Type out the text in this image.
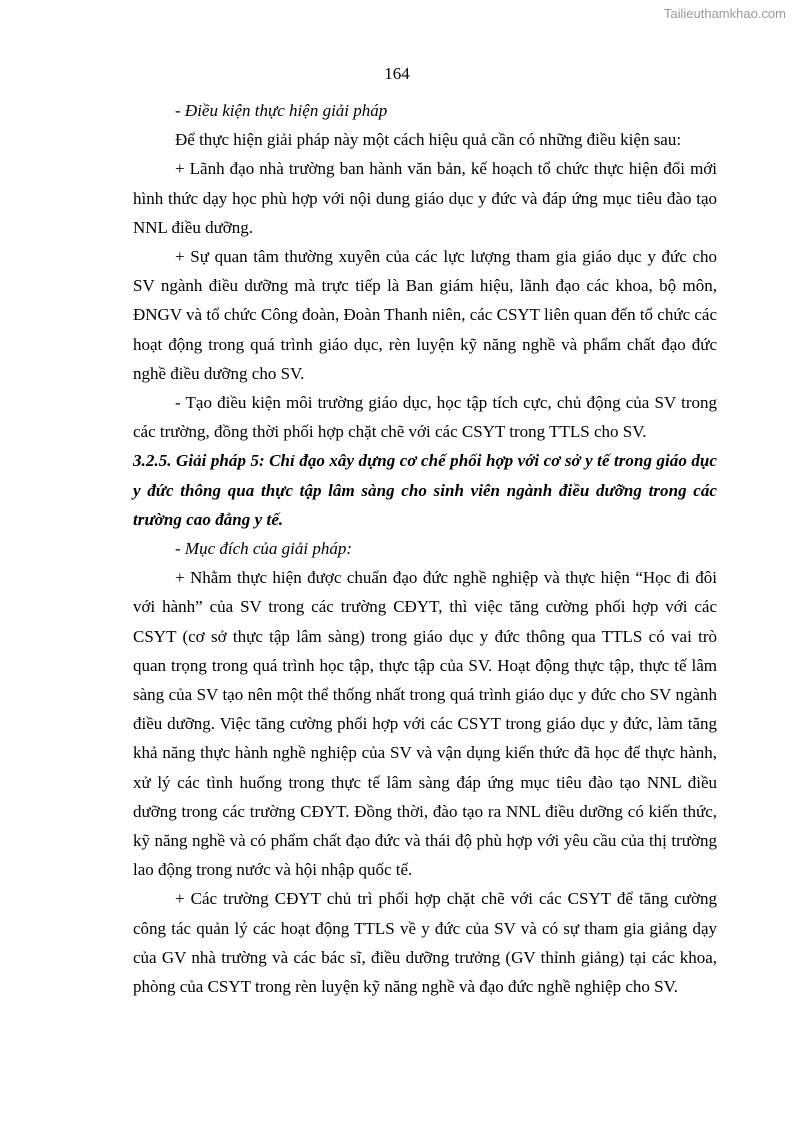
Tailieuthamkhao.com
164

- Điều kiện thực hiện giải pháp

Để thực hiện giải pháp này một cách hiệu quả cần có những điều kiện sau:

+ Lãnh đạo nhà trường ban hành văn bản, kế hoạch tổ chức thực hiện đổi mới hình thức dạy học phù hợp với nội dung giáo dục y đức và đáp ứng mục tiêu đào tạo NNL điều dưỡng.

+ Sự quan tâm thường xuyên của các lực lượng tham gia giáo dục y đức cho SV ngành điều dưỡng mà trực tiếp là Ban giám hiệu, lãnh đạo các khoa, bộ môn, ĐNGV và tổ chức Công đoàn, Đoàn Thanh niên, các CSYT liên quan đến tổ chức các hoạt động trong quá trình giáo dục, rèn luyện kỹ năng nghề và phẩm chất đạo đức nghề điều dưỡng cho SV.

- Tạo điều kiện môi trường giáo dục, học tập tích cực, chủ động của SV trong các trường, đồng thời phối hợp chặt chẽ với các CSYT trong TTLS cho SV.

3.2.5. Giải pháp 5: Chỉ đạo xây dựng cơ chế phối hợp với cơ sở y tế trong giáo dục y đức thông qua thực tập lâm sàng cho sinh viên ngành điều dưỡng trong các trường cao đẳng y tế.

- Mục đích của giải pháp:

+ Nhằm thực hiện được chuẩn đạo đức nghề nghiệp và thực hiện “Học đi đôi với hành” của SV trong các trường CĐYT, thì việc tăng cường phối hợp với các CSYT (cơ sở thực tập lâm sàng) trong giáo dục y đức thông qua TTLS có vai trò quan trọng trong quá trình học tập, thực tập của SV. Hoạt động thực tập, thực tế lâm sàng của SV tạo nên một thể thống nhất trong quá trình giáo dục y đức cho SV ngành điều dưỡng. Việc tăng cường phối hợp với các CSYT trong giáo dục y đức, làm tăng khả năng thực hành nghề nghiệp của SV và vận dụng kiến thức đã học để thực hành, xử lý các tình huống trong thực tế lâm sàng đáp ứng mục tiêu đào tạo NNL điều dưỡng trong các trường CĐYT. Đồng thời, đào tạo ra NNL điều dưỡng có kiến thức, kỹ năng nghề và có phẩm chất đạo đức và thái độ phù hợp với yêu cầu của thị trường lao động trong nước và hội nhập quốc tế.

+ Các trường CĐYT chủ trì phối hợp chặt chẽ với các CSYT để tăng cường công tác quản lý các hoạt động TTLS về y đức của SV và có sự tham gia giảng dạy của GV nhà trường và các bác sĩ, điều dưỡng trưởng (GV thỉnh giảng) tại các khoa, phòng của CSYT trong rèn luyện kỹ năng nghề và đạo đức nghề nghiệp cho SV.
